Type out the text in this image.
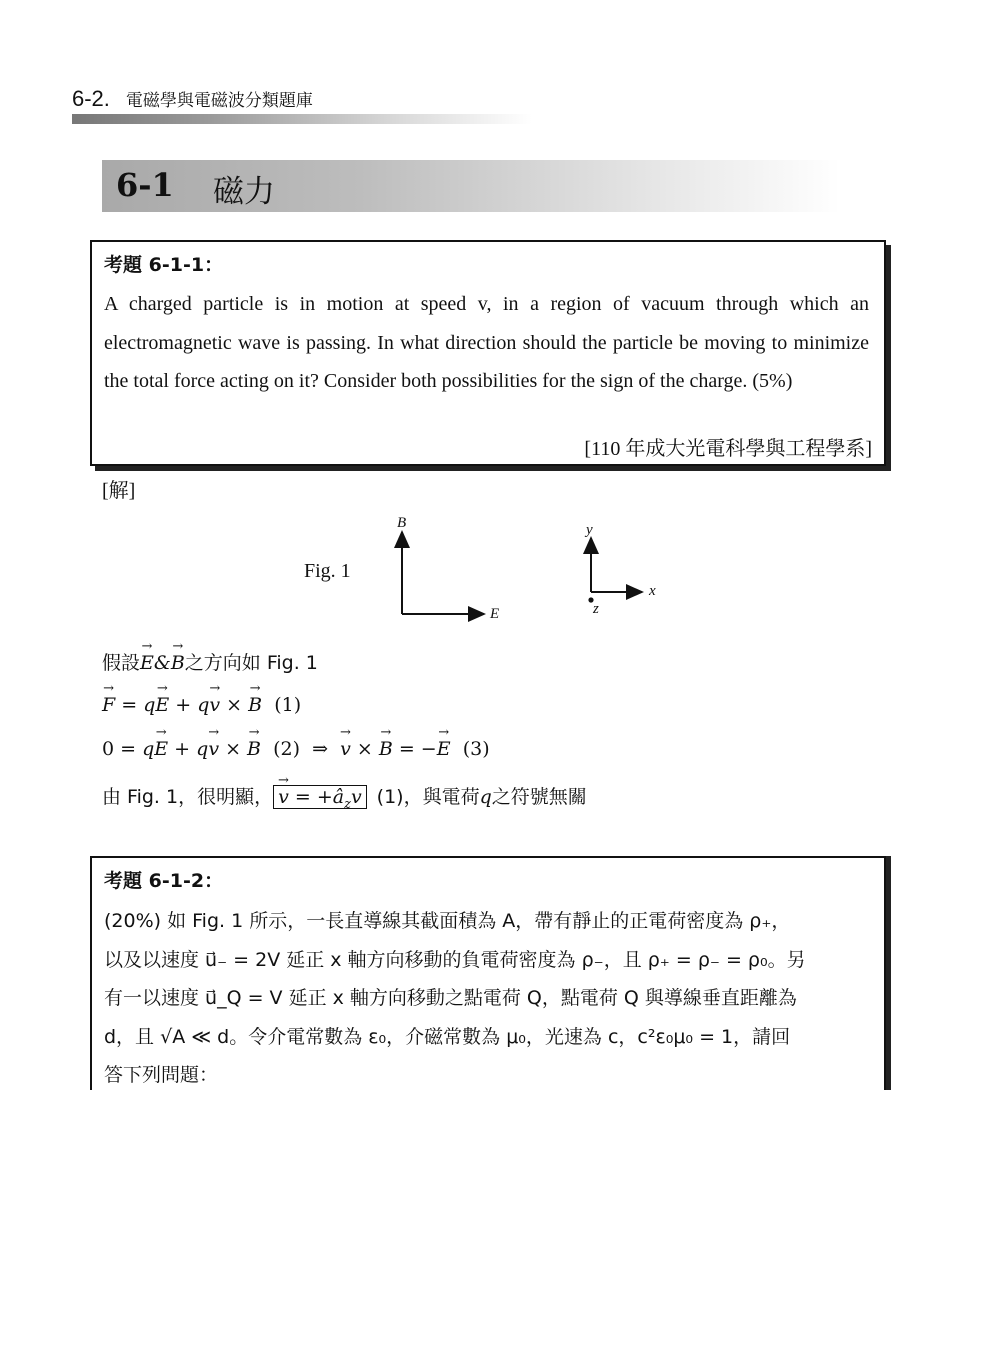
6-2. 電磁學與電磁波分類題庫
6-1 磁力
考題 6-1-1：
A charged particle is in motion at speed v, in a region of vacuum through which an electromagnetic wave is passing. In what direction should the particle be moving to minimize the total force acting on it? Consider both possibilities for the sign of the charge. (5%)
[110 年成大光電科學與工程學系]
[解]
Fig. 1
B
E
y
x
z
假設→ E&→ B之方向如 Fig. 1
→ F = q→ E + q→ v × → B (1)
0 = q→ E + q→ v × → B (2)  ⇒  → v × → B = −→ E (3)
由 Fig. 1，很明顯，→ $v = +â_zv$ (1)，與電荷q之符號無關
考題 6-1-2：
(20%) 如 Fig. 1 所示，一長直導線其截面積為 A，帶有靜止的正電荷密度為 ρ₊，
以及以速度 u⃗₋ = 2V 延正 x 軸方向移動的負電荷密度為 ρ₋，且 ρ₊ = ρ₋ = ρ₀。另
有一以速度 u⃗_Q = V 延正 x 軸方向移動之點電荷 Q，點電荷 Q 與導線垂直距離為
d，且 √A ≪ d。令介電常數為 ε₀，介磁常數為 μ₀，光速為 c，c²ε₀μ₀ = 1，請回
答下列問題：
